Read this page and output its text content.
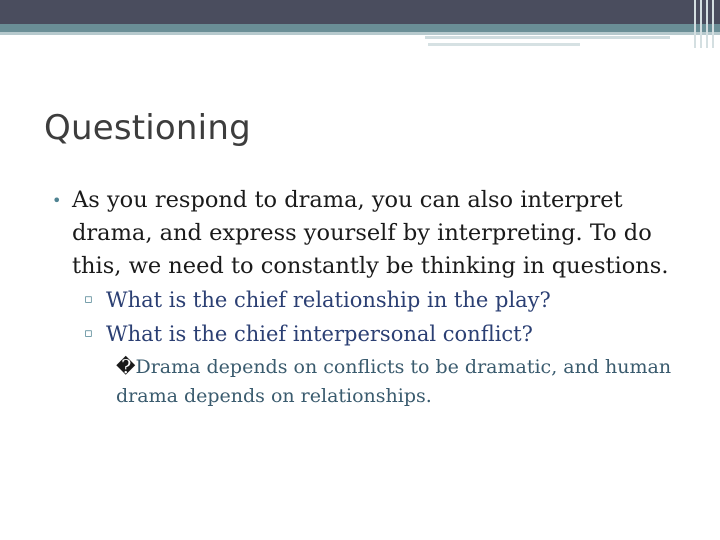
Questioning
• As you respond to drama, you can also interpret drama, and express yourself by interpreting. To do this, we need to constantly be thinking in questions.
▫ What is the chief relationship in the play?
▫ What is the chief interpersonal conflict?
�Drama depends on conflicts to be dramatic, and human drama depends on relationships.
